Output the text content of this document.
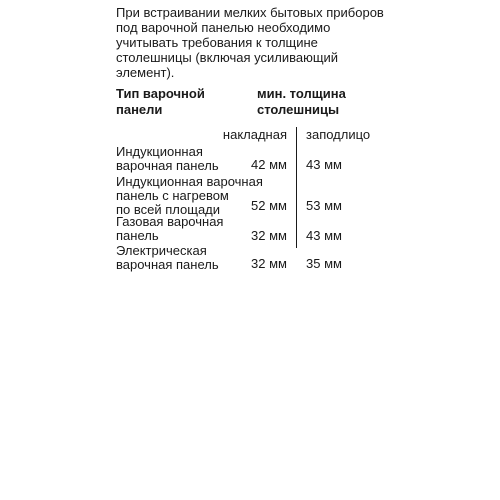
При встраивании мелких бытовых приборов
под варочной панелью необходимо
учитывать требования к толщине
столешницы (включая усиливающий
элемент).
Тип варочной
панели
мин. толщина
столешницы
накладная заподлицо
Индукционная
варочная панель 42 мм 43 мм
Индукционная варочная
панель с нагревом
по всей площади	52 мм 53 мм
Газовая варочная
панель	32 мм 43 мм
Электрическая
варочная панель 32 мм 35 мм
